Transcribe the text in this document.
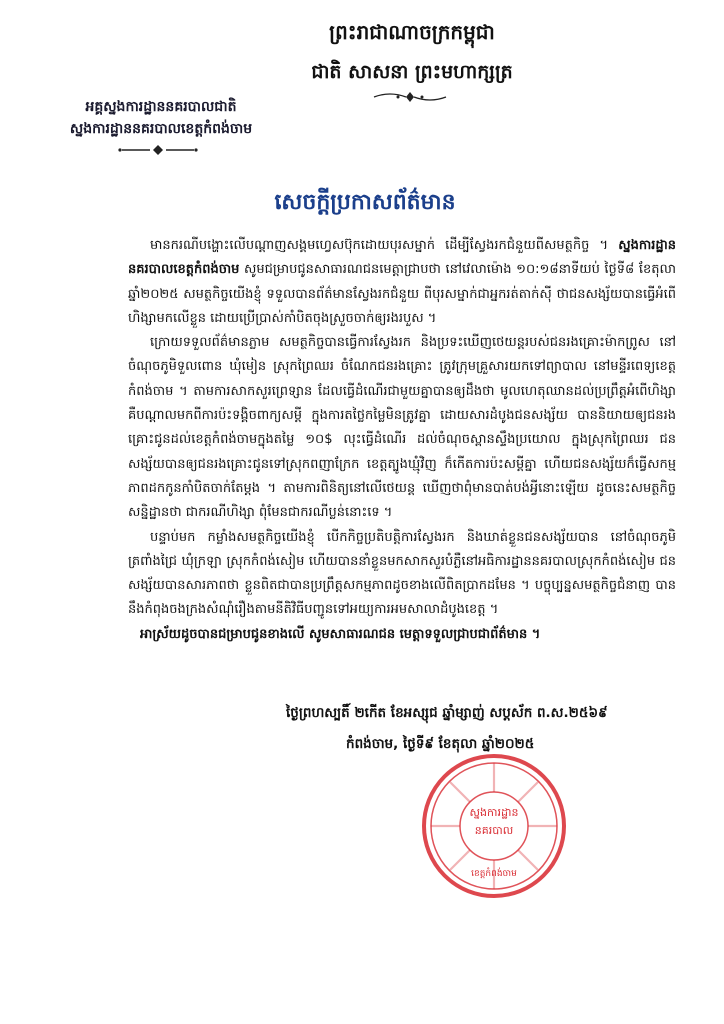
ព្រះរាជាណាចក្រកម្ពុជា
ជាតិ សាសនា ព្រះមហាក្សត្រ
អគ្គស្នងការដ្ឋាននគរបាលជាតិ
ស្នងការដ្ឋាននគរបាលខេត្តកំពង់ចាម
សេចក្តីប្រកាសព័ត៌មាន

មានករណីបង្ហោះលើបណ្តាញសង្គមហ្វេសប៊ុកដោយបុរសម្នាក់ ដើម្បីស្វែងរកជំនួយពីសមត្ថកិច្ច ។ ស្នងការដ្ឋាននគរបាលខេត្តកំពង់ចាម សូមជម្រាបជូនសាធារណជនមេត្តាជ្រាបថា នៅវេលាម៉ោង ១០:១៨នាទីយប់ ថ្ងៃទី៨ ខែតុលា ឆ្នាំ២០២៥ សមត្ថកិច្ចយើងខ្ញុំ ទទួលបានព័ត៌មានស្វែងរកជំនួយ ពីបុរសម្នាក់ជាអ្នករត់តាក់ស៊ី ថាជនសង្ស័យបានធ្វើអំពើហិង្សាមកលើខ្លួន ដោយប្រើប្រាស់កាំបិតចុងស្រួចចាក់ឲ្យរងរបួស ។

ក្រោយទទួលព័ត៌មានភ្លាម សមត្ថកិច្ចបានធ្វើការស្វែងរក និងប្រទះឃើញថេយន្តរបស់ជនរងគ្រោះម៉ាកព្រូស នៅចំណុចភូមិទួលពោន ឃុំមៀន ស្រុកព្រៃឈរ ចំណែកជនរងគ្រោះ ត្រូវក្រុមគ្រួសារយកទៅព្យាបាល នៅមន្ទីរពេទ្យខេត្តកំពង់ចាម ។ តាមការសាកសួរព្រេទ្សាន ដែលធ្វើដំណើរជាមួយគ្នាបានឲ្យដឹងថា មូលហេតុឈានដល់ប្រព្រឹត្តអំពើហិង្សា គឺបណ្តាលមកពីការប៉ះទង្គិចពាក្យសម្តី ក្នុងការតថ្លៃកម្លៃមិនត្រូវគ្នា ដោយសារដំបូងជនសង្ស័យ បាននិយាយឲ្យជនរងគ្រោះជូនដល់ខេត្តកំពង់ចាមក្នុងតម្លៃ ១០$ លុះធ្វើដំណើរ ដល់ចំណុចស្ពានស្ទឹងប្រយោល ក្នុងស្រុកព្រៃឈរ ជនសង្ស័យបានឲ្យជនរងគ្រោះជូនទៅស្រុកពញាក្រែក ខេត្តត្បូងឃ្មុំវិញ ក៏កើតការប៉ះសម្តីគ្នា ហើយជនសង្ស័យក៏ធ្វើសកម្មភាពដកកូនកាំបិតចាក់តែម្តង ។ តាមការពិនិត្យនៅលើថេយន្ត ឃើញថាពុំមានបាត់បង់អ្វីនោះឡើយ ដូចនេះសមត្ថកិច្ចសន្និដ្ឋានថា ជាករណីហិង្សា ពុំមែនជាករណីប្លន់នោះទេ ។

បន្ទាប់មក កម្លាំងសមត្ថកិច្ចយើងខ្ញុំ បើកកិច្ចប្រតិបត្តិការស្វែងរក និងឃាត់ខ្លួនជនសង្ស័យបាន នៅចំណុចភូមិត្រពាំងជ្រៃ ឃុំក្រឡា ស្រុកកំពង់សៀម ហើយបាននាំខ្លួនមកសាកសួរបំភ្លឺនៅអធិការដ្ឋាននគរបាលស្រុកកំពង់សៀម ជនសង្ស័យបានសារភាពថា ខ្លួនពិតជាបានប្រព្រឹត្តសកម្មភាពដូចខាងលើពិតប្រាកដមែន ។ បច្ចុប្បន្នសមត្ថកិច្ចជំនាញ បាននឹងកំពុងចងក្រងសំណុំរឿងតាមនីតិវិធីបញ្ជូនទៅអយ្យការអមសាលាដំបូងខេត្ត ។

អាស្រ័យដូចបានជម្រាបជូនខាងលើ សូមសាធារណជន មេត្តាទទួលជ្រាបជាព័ត៌មាន ។

ថ្ងៃព្រហស្បតិ៍ ២កើត ខែអស្សុជ ឆ្នាំម្សាញ់ សប្តស័ក ព.ស.២៥៦៩
កំពង់ចាម, ថ្ងៃទី៩ ខែតុលា ឆ្នាំ២០២៥
ស្នងការដ្ឋាន
នគរបាល
ខេត្តកំពង់ចាម
